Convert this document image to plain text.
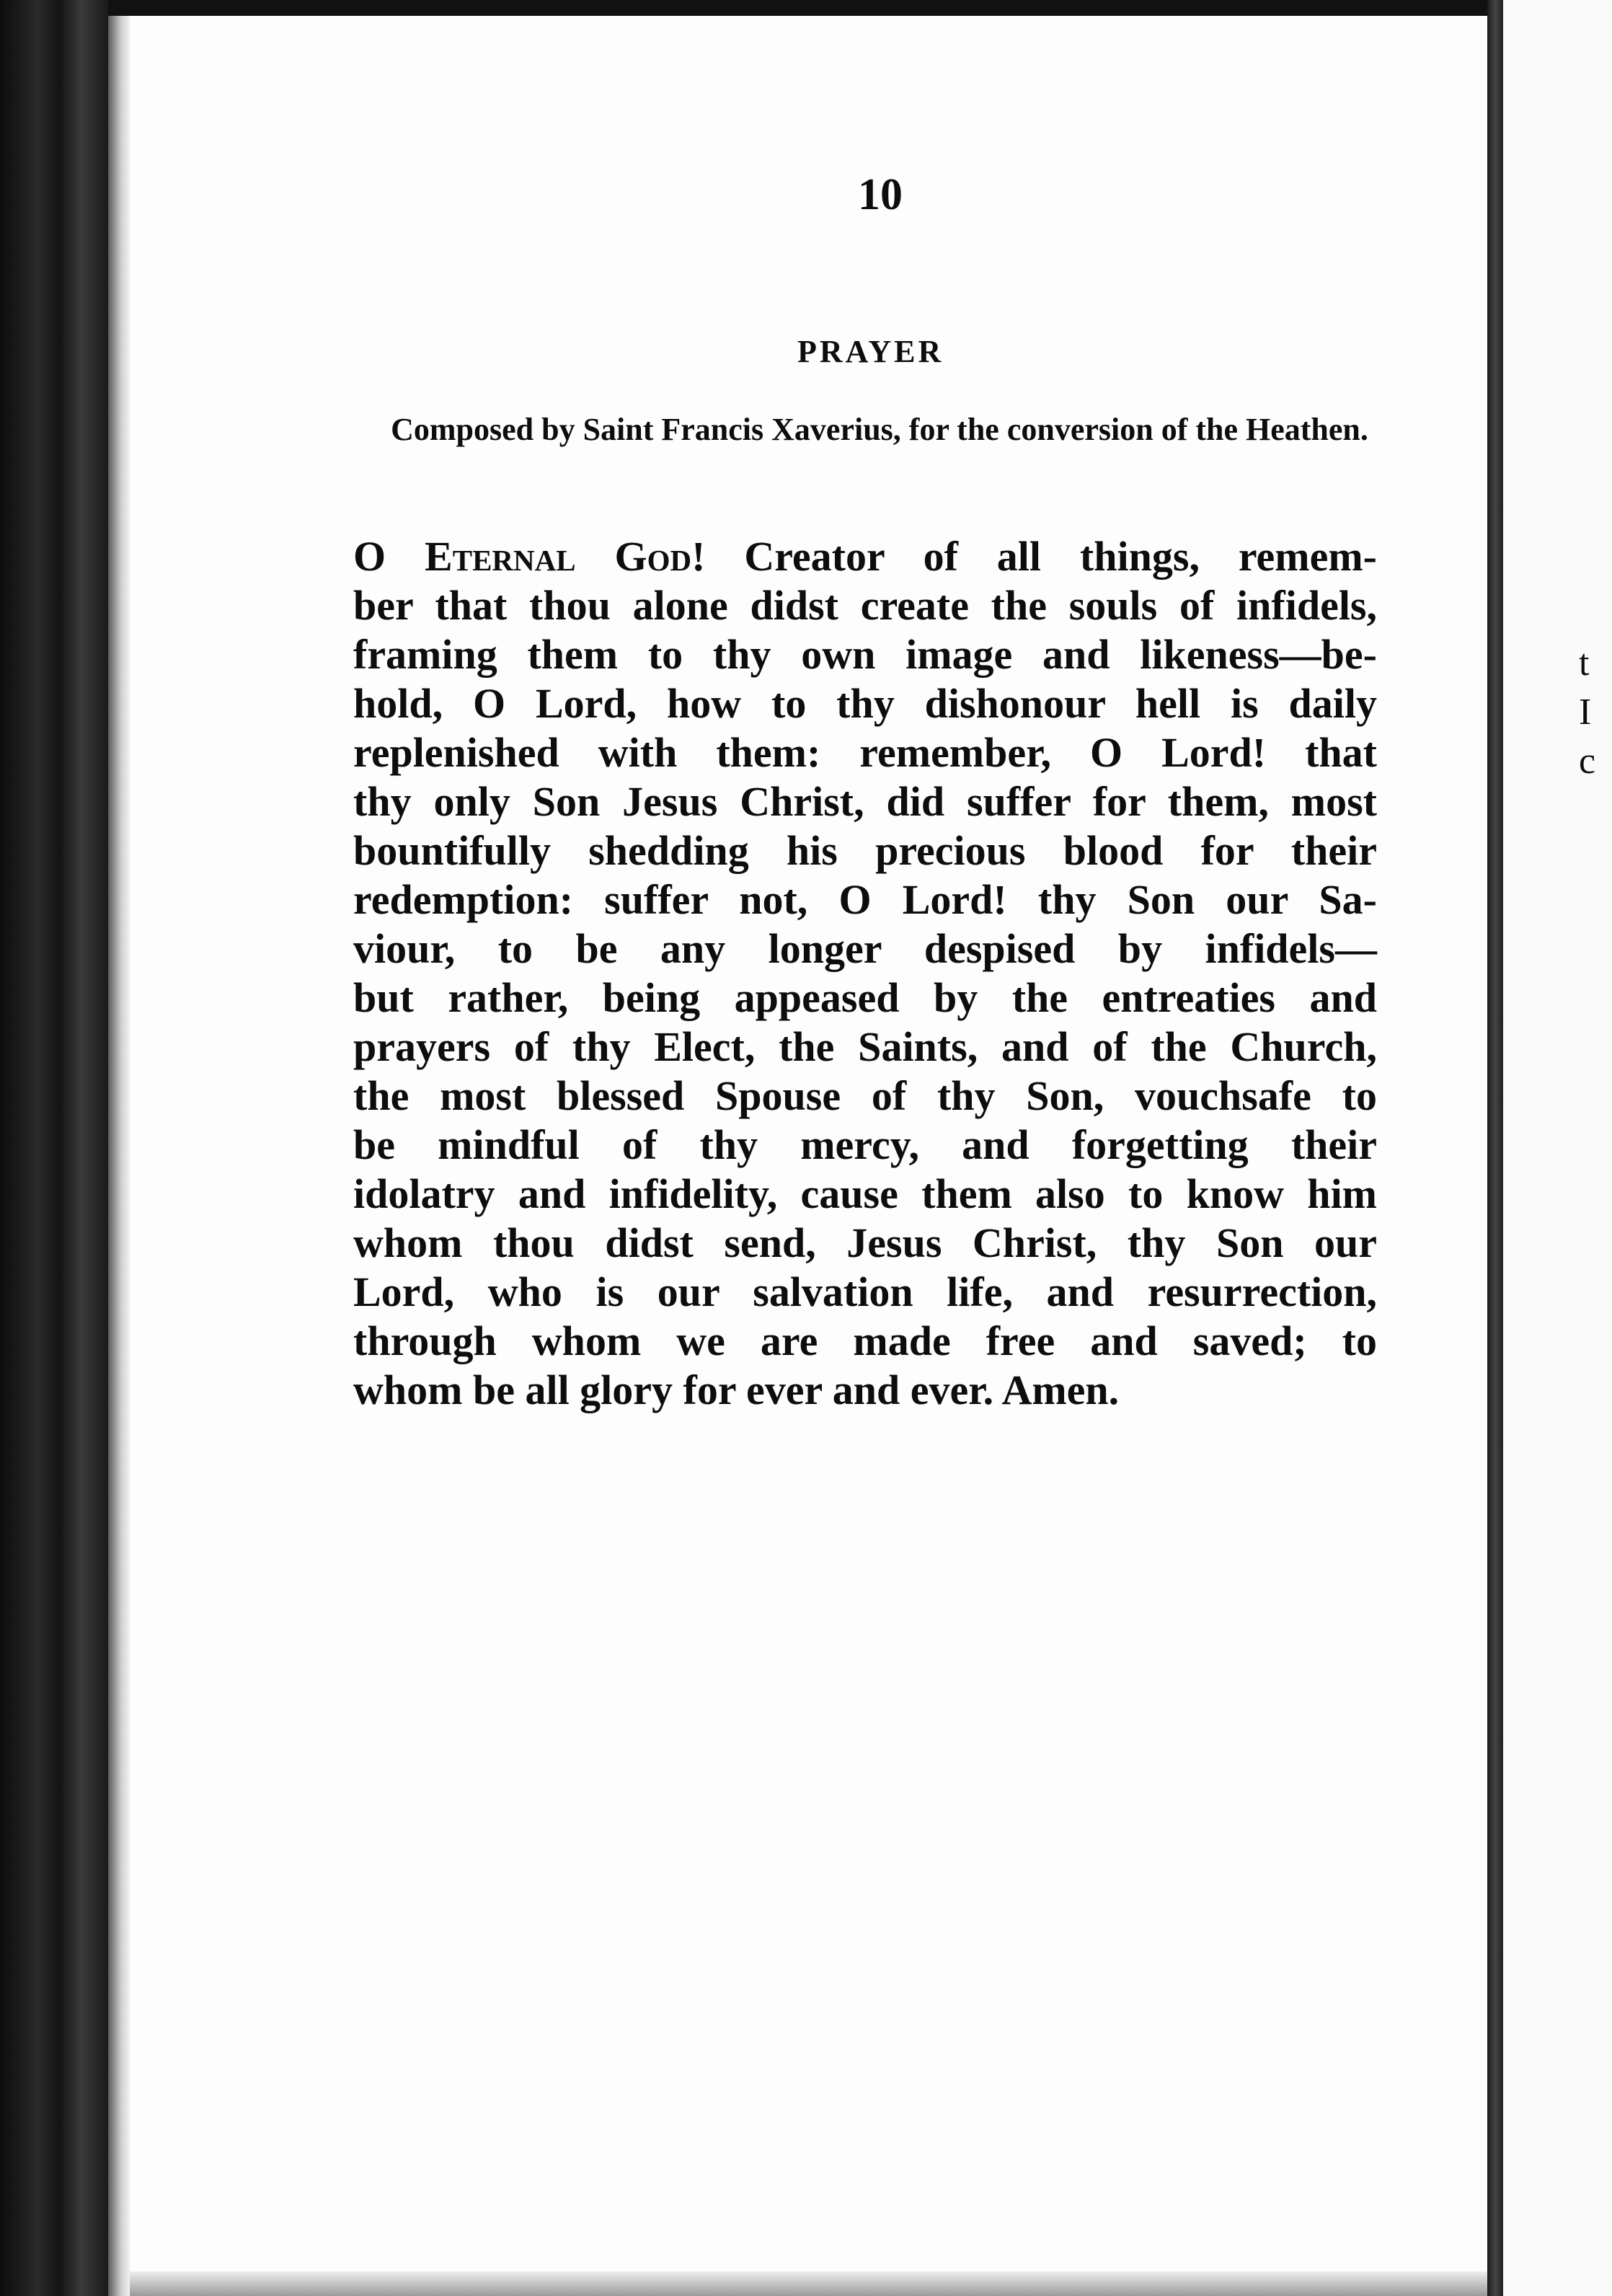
t
I
c
10
PRAYER
Composed by Saint Francis Xaverius, for the conversion of the Heathen.
O Eternal God! Creator of all things, remem-
ber that thou alone didst create the souls of infidels,
framing them to thy own image and likeness—be-
hold, O Lord, how to thy dishonour hell is daily
replenished with them: remember, O Lord! that
thy only Son Jesus Christ, did suffer for them, most
bountifully shedding his precious blood for their
redemption: suffer not, O Lord! thy Son our Sa-
viour, to be any longer despised by infidels—
but rather, being appeased by the entreaties and
prayers of thy Elect, the Saints, and of the Church,
the most blessed Spouse of thy Son, vouchsafe to
be mindful of thy mercy, and forgetting their
idolatry and infidelity, cause them also to know him
whom thou didst send, Jesus Christ, thy Son our
Lord, who is our salvation life, and resurrection,
through whom we are made free and saved; to
whom be all glory for ever and ever. Amen.
